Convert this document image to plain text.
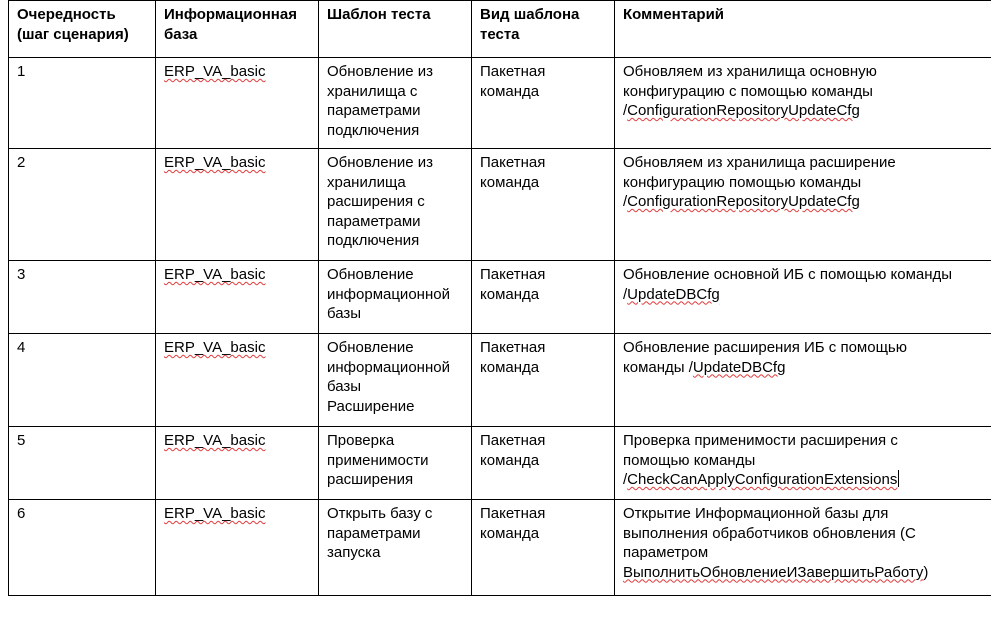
Очередность
(шаг сценария)	Информационная
база	Шаблон теста	Вид шаблона
теста	Комментарий

1	ERP_VA_basic	Обновление из
хранилища с
параметрами
подключения	Пакетная
команда	Обновляем из хранилища основную
конфигурацию с помощью команды
/ConfigurationRepositoryUpdateCfg

2	ERP_VA_basic	Обновление из
хранилища
расширения с
параметрами
подключения	Пакетная
команда	Обновляем из хранилища расширение
конфигурацию помощью команды
/ConfigurationRepositoryUpdateCfg

3	ERP_VA_basic	Обновление
информационной
базы	Пакетная
команда	Обновление основной ИБ с помощью команды
/UpdateDBCfg

4	ERP_VA_basic	Обновление
информационной
базы
Расширение	Пакетная
команда	Обновление расширения ИБ с помощью
команды /UpdateDBCfg

5	ERP_VA_basic	Проверка
применимости
расширения	Пакетная
команда	Проверка применимости расширения с
помощью команды
/CheckCanApplyConfigurationExtensions

6	ERP_VA_basic	Открыть базу с
параметрами
запуска	Пакетная
команда	Открытие Информационной базы для
выполнения обработчиков обновления (С
параметром
ВыполнитьОбновлениеИЗавершитьРаботу)
